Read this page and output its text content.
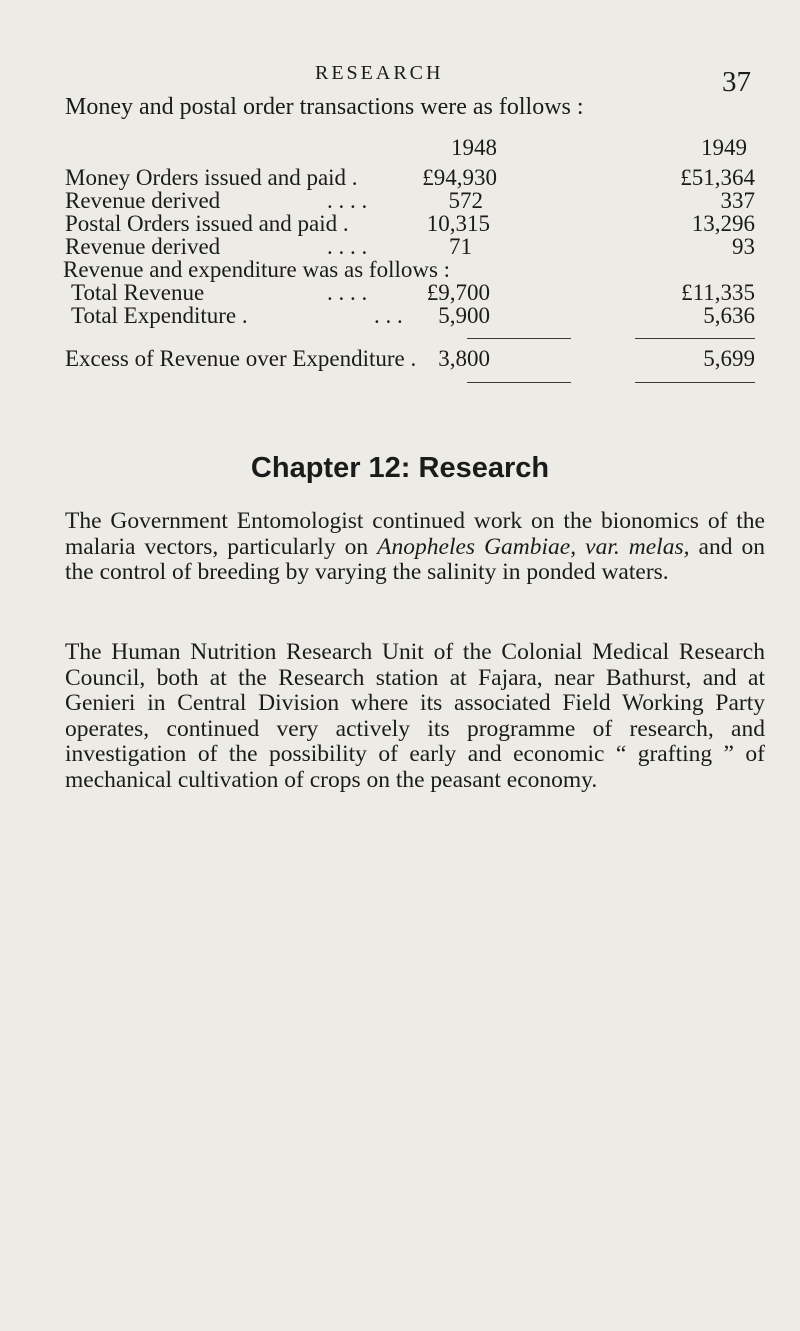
RESEARCH	37
Money and postal order transactions were as follows :
1948	1949
Money Orders issued and paid .	£94,930	£51,364
Revenue derived	. . . .	572	337
Postal Orders issued and paid .	10,315	13,296
Revenue derived	. . . .	71	93
Revenue and expenditure was as follows :
Total Revenue	. . . .	£9,700	£11,335
Total Expenditure .	. . . 5,900	5,636
Excess of Revenue over Expenditure . 3,800	5,699
Chapter 12: Research
The Government Entomologist continued work on the bionomics of the malaria vectors, particularly on Anopheles Gambiae, var. melas, and on the control of breeding by varying the salinity in ponded waters.
The Human Nutrition Research Unit of the Colonial Medical Research Council, both at the Research station at Fajara, near Bathurst, and at Genieri in Central Division where its associated Field Working Party operates, continued very actively its programme of research, and investigation of the possibility of early and economic “ grafting ” of mechanical cultivation of crops on the peasant economy.
